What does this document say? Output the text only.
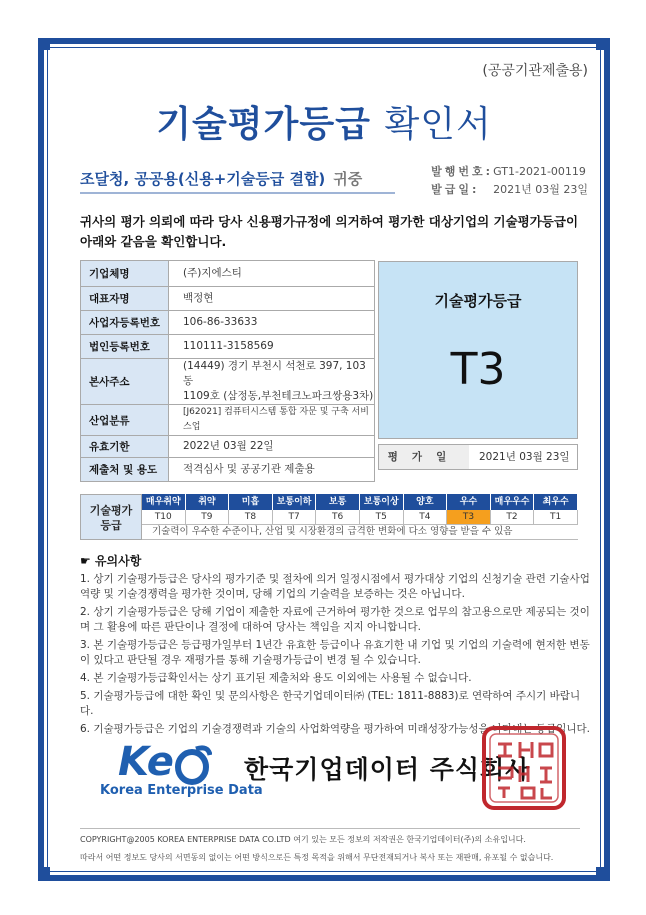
(공공기관제출용)
기술평가등급 확인서
조달청, 공공용(신용+기술등급 결합) 귀중	발행번호:GT1-2021-00119
발급일: 2021년 03월 23일
귀사의 평가 의뢰에 따라 당사 신용평가규정에 의거하여 평가한 대상기업의 기술평가등급이 아래와 같음을 확인합니다.
기업체명	(주)지에스티
대표자명	백정현
사업자등록번호	106-86-33633
법인등록번호	110111-3158569
본사주소	(14449) 경기 부천시 석천로 397, 103동
1109호 (삼정동,부천테크노파크쌍용3차)

산업분류	[J62021] 컴퓨터시스템 통합 자문 및 구축 서비스업
유효기한	2022년 03월 22일
제출처 및 용도	적격심사 및 공공기관 제출용
기술평가등급
T3
평가일	2021년 03월 23일
기술평가
등급
매우취약	취약	미흡	보통이하	보통	보통이상	양호	우수	매우우수	최우수
T10	T9	T8	T7	T6	T5	T4	T3	T2	T1
기술력이 우수한 수준이나, 산업 및 시장환경의 급격한 변화에 다소 영향을 받을 수 있음
☛ 유의사항
1. 상기 기술평가등급은 당사의 평가기준 및 절차에 의거 일정시점에서 평가대상 기업의 신청기술 관련 기술사업역량 및 기술경쟁력을 평가한 것이며, 당해 기업의 기술력을 보증하는 것은 아닙니다.
2. 상기 기술평가등급은 당해 기업이 제출한 자료에 근거하여 평가한 것으로 업무의 참고용으로만 제공되는 것이며 그 활용에 따른 판단이나 결정에 대하여 당사는 책임을 지지 아니합니다.
3. 본 기술평가등급은 등급평가일부터 1년간 유효한 등급이나 유효기한 내 기업 및 기업의 기술력에 현저한 변동이 있다고 판단될 경우 재평가를 통해 기술평가등급이 변경 될 수 있습니다.
4. 본 기술평가등급확인서는 상기 표기된 제출처와 용도 이외에는 사용될 수 없습니다.
5. 기술평가등급에 대한 확인 및 문의사항은 한국기업데이터㈜ (TEL: 1811-8883)로 연락하여 주시기 바랍니다.
6. 기술평가등급은 기업의 기술경쟁력과 기술의 사업화역량을 평가하여 미래성장가능성을 나타내는 등급입니다.
Ke
Korea Enterprise Data
한국기업데이터 주식회사
COPYRIGHT@2005 KOREA ENTERPRISE DATA CO.LTD 여기 있는 모든 정보의 저작권은 한국기업데이터(주)의 소유입니다.
따라서 어떤 정보도 당사의 서면동의 없이는 어떤 방식으로든 특정 목적을 위해서 무단전재되거나 복사 또는 재판매, 유포될 수 없습니다.
